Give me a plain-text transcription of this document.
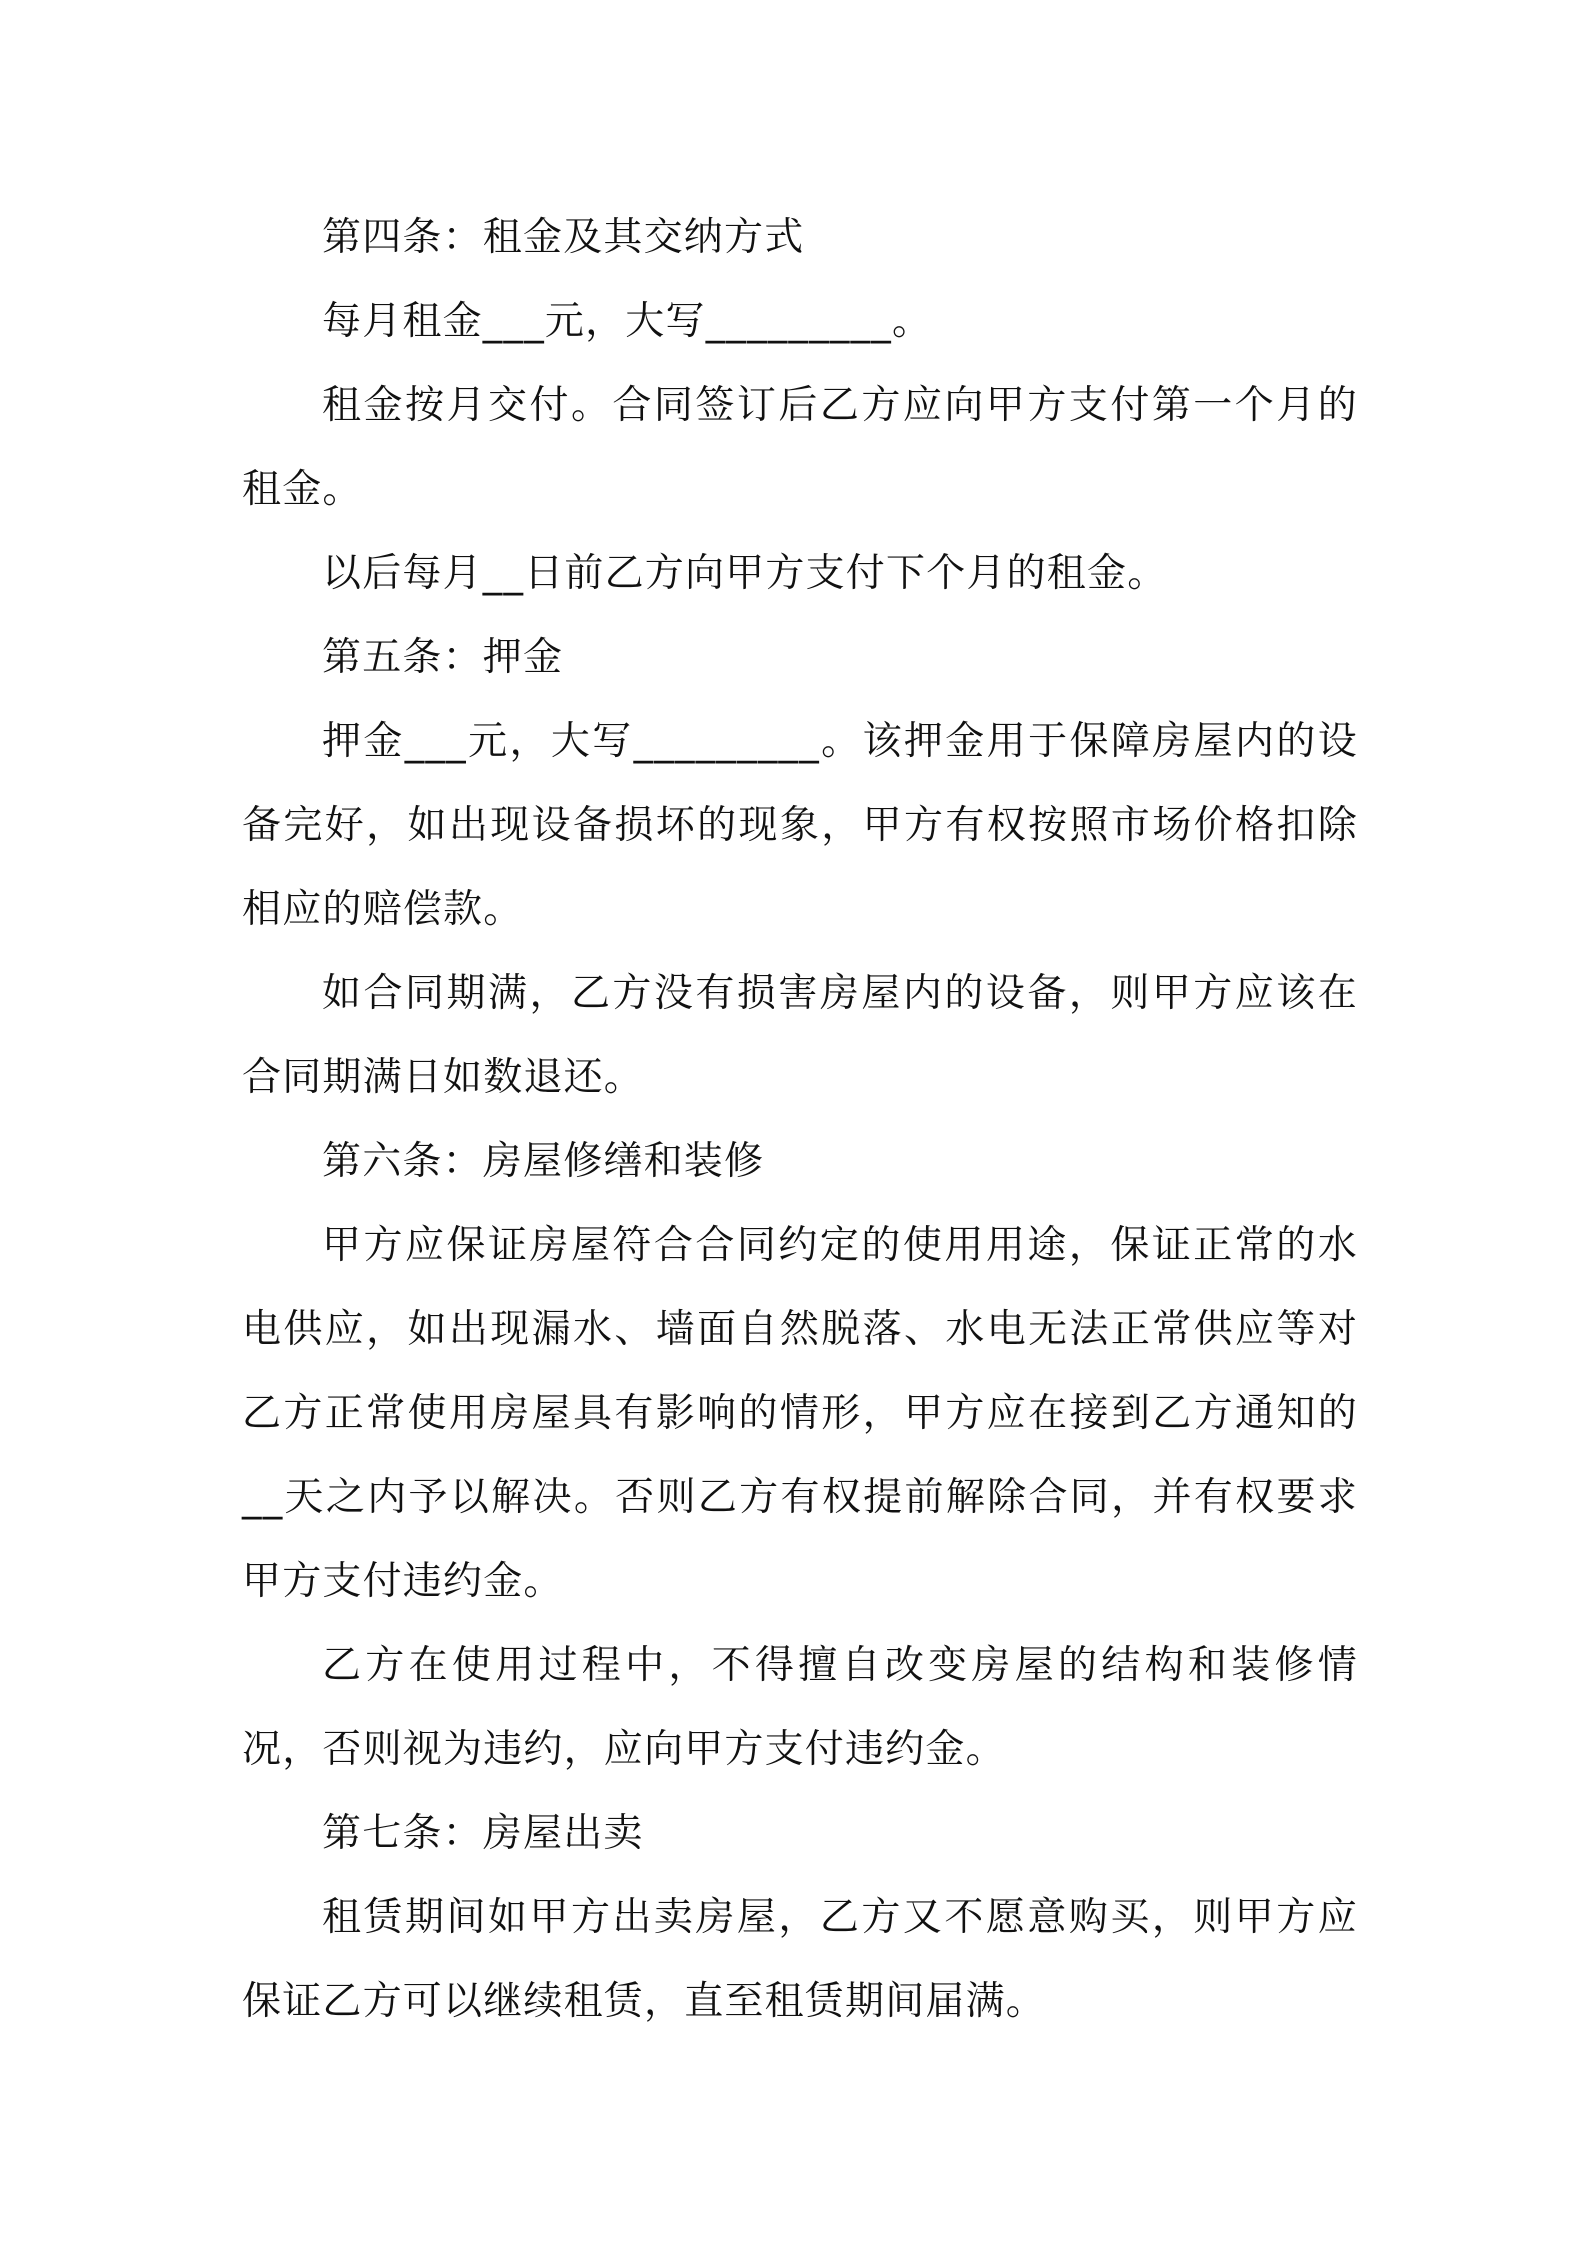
第四条：租金及其交纳方式

每月租金___元，大写_________。

租金按月交付。合同签订后乙方应向甲方支付第一个月的租金。

以后每月__日前乙方向甲方支付下个月的租金。

第五条：押金

押金___元，大写_________。该押金用于保障房屋内的设备完好，如出现设备损坏的现象，甲方有权按照市场价格扣除相应的赔偿款。

如合同期满，乙方没有损害房屋内的设备，则甲方应该在合同期满日如数退还。

第六条：房屋修缮和装修

甲方应保证房屋符合合同约定的使用用途，保证正常的水电供应，如出现漏水、墙面自然脱落、水电无法正常供应等对乙方正常使用房屋具有影响的情形，甲方应在接到乙方通知的__天之内予以解决。否则乙方有权提前解除合同，并有权要求甲方支付违约金。

乙方在使用过程中，不得擅自改变房屋的结构和装修情况，否则视为违约，应向甲方支付违约金。

第七条：房屋出卖

租赁期间如甲方出卖房屋，乙方又不愿意购买，则甲方应保证乙方可以继续租赁，直至租赁期间届满。
